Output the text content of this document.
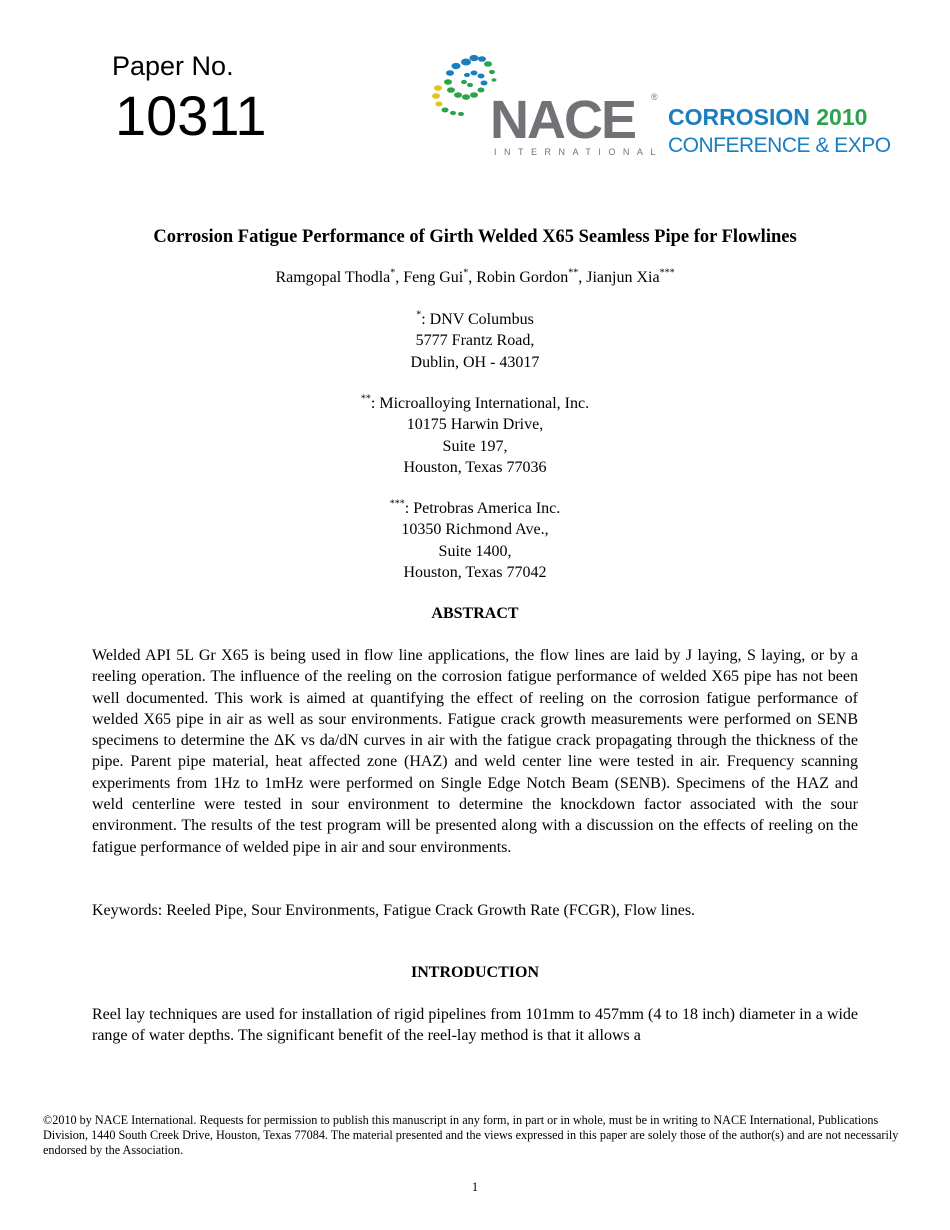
Paper No.
10311	NACE ®
INTERNATIONAL
CORROSION 2010
CONFERENCE & EXPO
Corrosion Fatigue Performance of Girth Welded X65 Seamless Pipe for Flowlines
Ramgopal Thodla*, Feng Gui*, Robin Gordon**, Jianjun Xia***
*: DNV Columbus
5777 Frantz Road,
Dublin, OH - 43017
**: Microalloying International, Inc.
10175 Harwin Drive,
Suite 197,
Houston, Texas 77036
***: Petrobras America Inc.
10350 Richmond Ave.,
Suite 1400,
Houston, Texas 77042
ABSTRACT
Welded API 5L Gr X65 is being used in flow line applications, the flow lines are laid by J laying, S laying, or by a reeling operation. The influence of the reeling on the corrosion fatigue performance of welded X65 pipe has not been well documented. This work is aimed at quantifying the effect of reeling on the corrosion fatigue performance of welded X65 pipe in air as well as sour environments. Fatigue crack growth measurements were performed on SENB specimens to determine the ΔK vs da/dN curves in air with the fatigue crack propagating through the thickness of the pipe. Parent pipe material, heat affected zone (HAZ) and weld center line were tested in air. Frequency scanning experiments from 1Hz to 1mHz were performed on Single Edge Notch Beam (SENB). Specimens of the HAZ and weld centerline were tested in sour environment to determine the knockdown factor associated with the sour environment. The results of the test program will be presented along with a discussion on the effects of reeling on the fatigue performance of welded pipe in air and sour environments.
Keywords: Reeled Pipe, Sour Environments, Fatigue Crack Growth Rate (FCGR), Flow lines.
INTRODUCTION
Reel lay techniques are used for installation of rigid pipelines from 101mm to 457mm (4 to 18 inch) diameter in a wide range of water depths. The significant benefit of the reel-lay method is that it allows a
©2010 by NACE International. Requests for permission to publish this manuscript in any form, in part or in whole, must be in writing to NACE International, Publications Division, 1440 South Creek Drive, Houston, Texas 77084. The material presented and the views expressed in this paper are solely those of the author(s) and are not necessarily endorsed by the Association.
1
